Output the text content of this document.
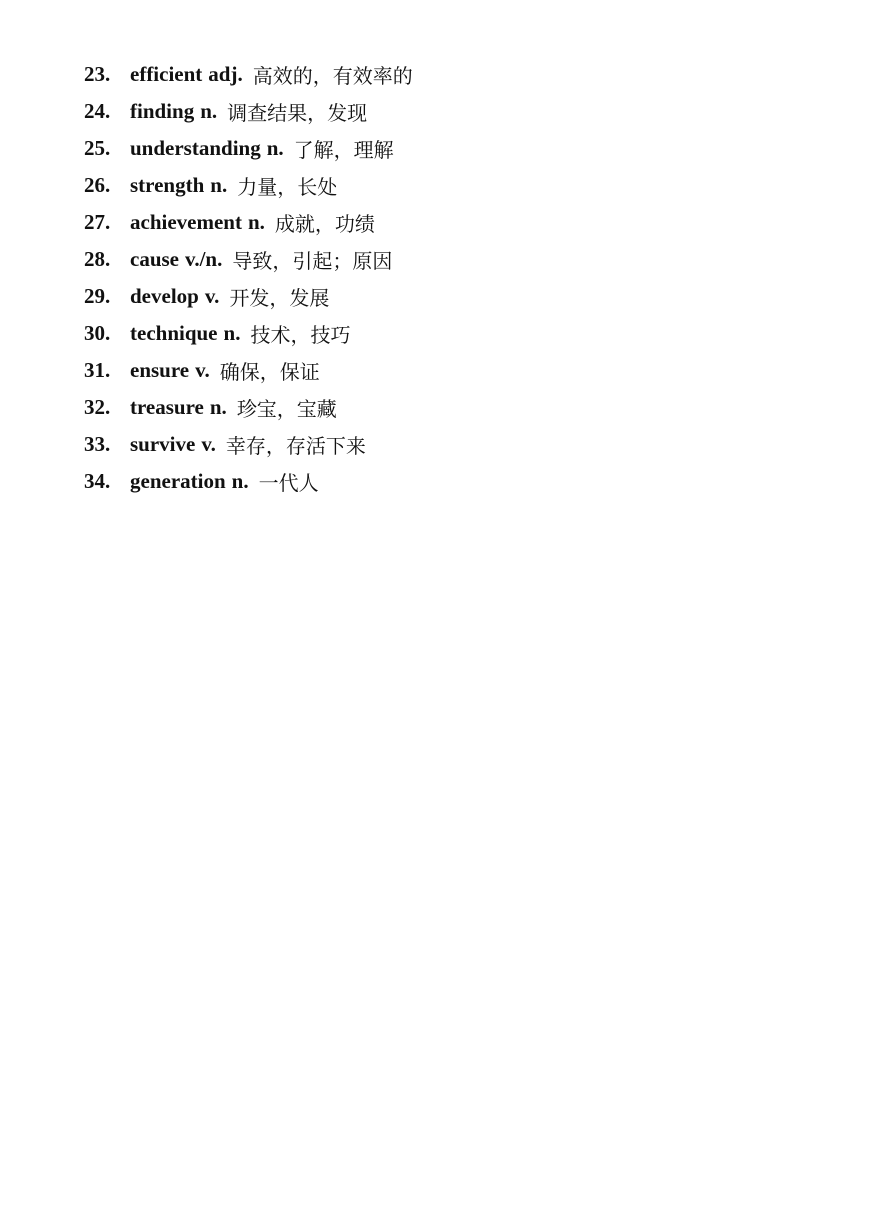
23. efficient adj. 高效的，有效率的
24. finding n. 调查结果，发现
25. understanding n. 了解，理解
26. strength n. 力量，长处
27. achievement n. 成就，功绩
28. cause v./n. 导致，引起；原因
29. develop v. 开发，发展
30. technique n. 技术，技巧
31. ensure v. 确保，保证
32. treasure n. 珍宝，宝藏
33. survive v. 幸存，存活下来
34. generation n. 一代人
